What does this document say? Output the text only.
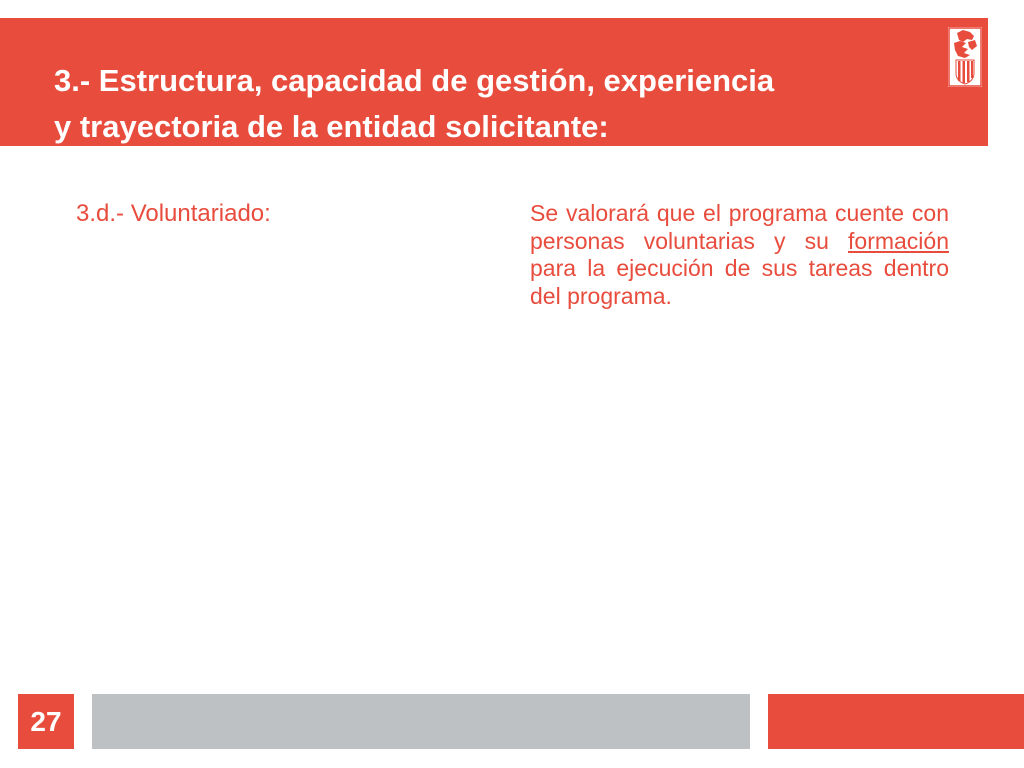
3.- Estructura, capacidad de gestión, experiencia
y trayectoria de la entidad solicitante:

3.d.- Voluntariado:	Se valorará que el programa cuente con personas voluntarias y su formación para la ejecución de sus tareas dentro del programa.

27
